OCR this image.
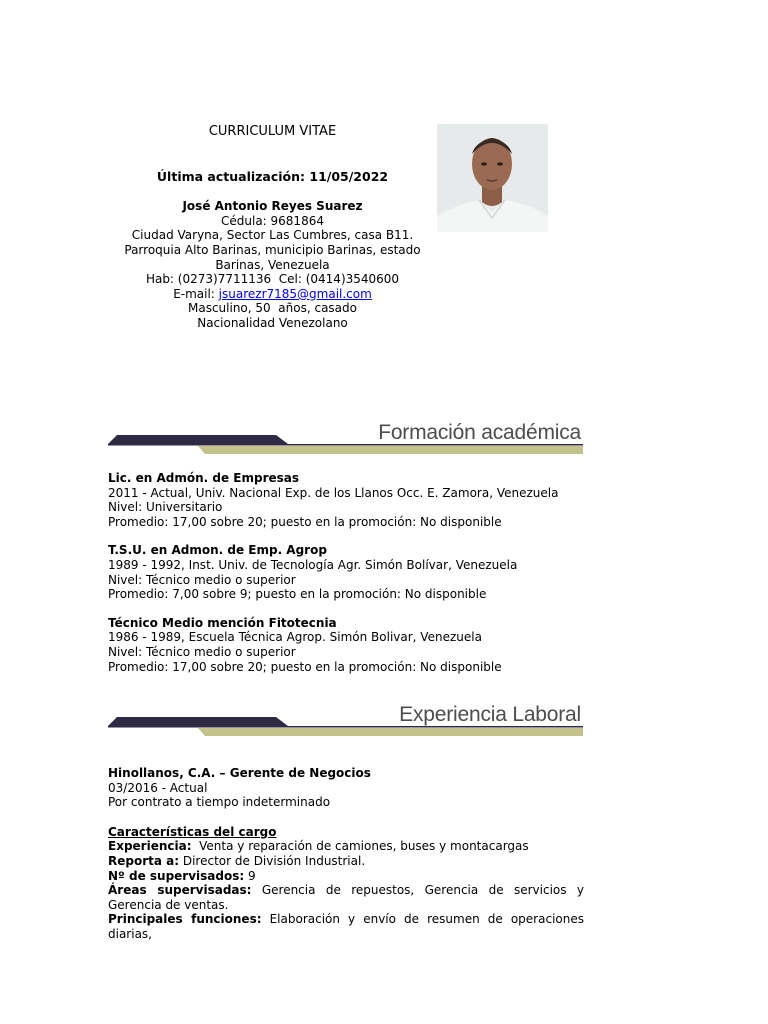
CURRICULUM VITAE
Última actualización: 11/05/2022
José Antonio Reyes Suarez
Cédula: 9681864
Ciudad Varyna, Sector Las Cumbres, casa B11.
Parroquia Alto Barinas, municipio Barinas, estado
Barinas, Venezuela
Hab: (0273)7711136  Cel: (0414)3540600
E-mail: jsuarezr7185@gmail.com
Masculino, 50  años, casado
Nacionalidad Venezolano
Formación académica
Lic. en Admón. de Empresas
2011 - Actual, Univ. Nacional Exp. de los Llanos Occ. E. Zamora, Venezuela
Nivel: Universitario
Promedio: 17,00 sobre 20; puesto en la promoción: No disponible
T.S.U. en Admon. de Emp. Agrop
1989 - 1992, Inst. Univ. de Tecnología Agr. Simón Bolívar, Venezuela
Nivel: Técnico medio o superior
Promedio: 7,00 sobre 9; puesto en la promoción: No disponible
Técnico Medio mención Fitotecnia
1986 - 1989, Escuela Técnica Agrop. Simón Bolivar, Venezuela
Nivel: Técnico medio o superior
Promedio: 17,00 sobre 20; puesto en la promoción: No disponible
Experiencia Laboral
Hinollanos, C.A. – Gerente de Negocios
03/2016 - Actual
Por contrato a tiempo indeterminado
Características del cargo
Experiencia:  Venta y reparación de camiones, buses y montacargas
Reporta a: Director de División Industrial.
Nº de supervisados: 9
Áreas supervisadas: Gerencia de repuestos, Gerencia de servicios y Gerencia de ventas.
Principales funciones: Elaboración y envío de resumen de operaciones diarias,
